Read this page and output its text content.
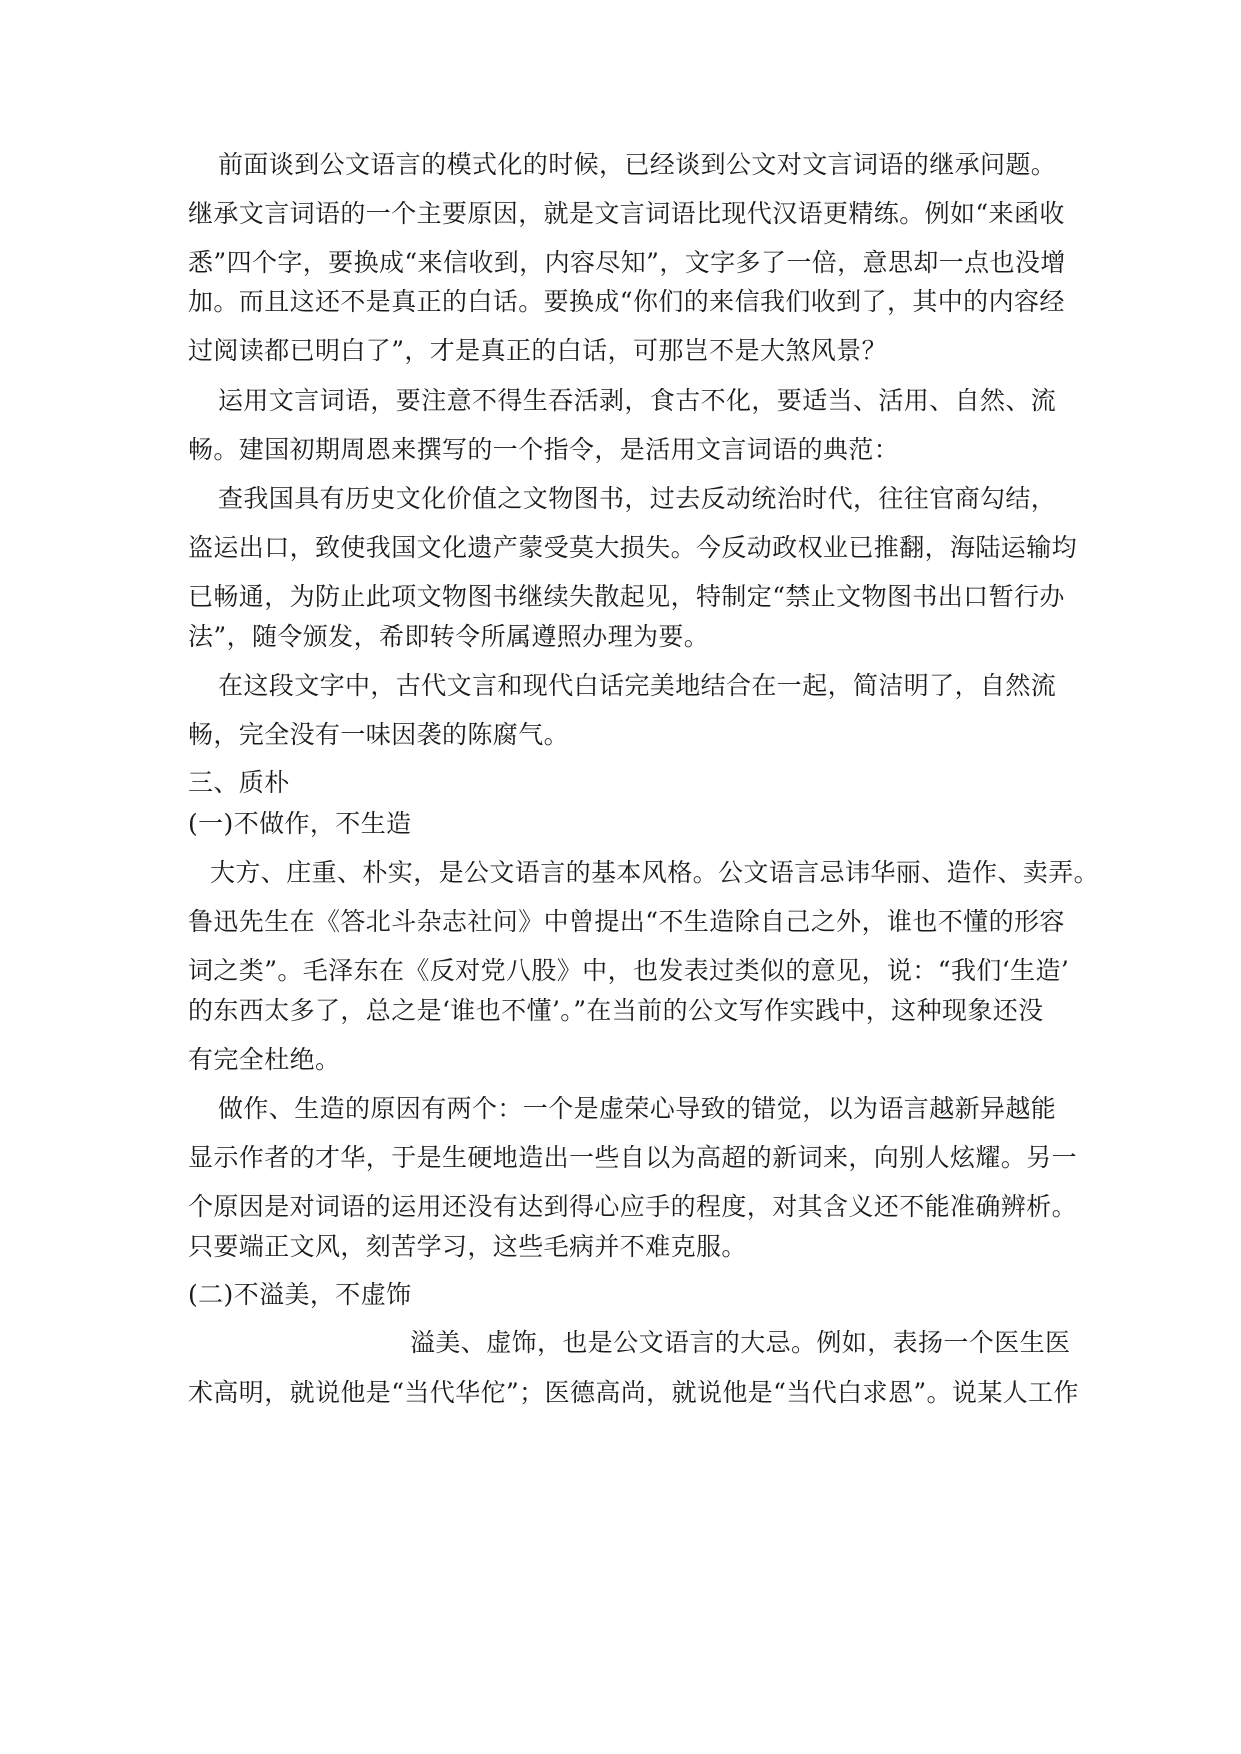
前面谈到公文语言的模式化的时候，已经谈到公文对文言词语的继承问题。

继承文言词语的一个主要原因，就是文言词语比现代汉语更精练。例如“来函收

悉”四个字，要换成“来信收到，内容尽知”，文字多了一倍，意思却一点也没增

加。而且这还不是真正的白话。要换成“你们的来信我们收到了，其中的内容经

过阅读都已明白了”，才是真正的白话，可那岂不是大煞风景？

运用文言词语，要注意不得生吞活剥，食古不化，要适当、活用、自然、流

畅。建国初期周恩来撰写的一个指令，是活用文言词语的典范：

查我国具有历史文化价值之文物图书，过去反动统治时代，往往官商勾结，

盗运出口，致使我国文化遗产蒙受莫大损失。今反动政权业已推翻，海陆运输均

已畅通，为防止此项文物图书继续失散起见，特制定“禁止文物图书出口暂行办

法”，随令颁发，希即转令所属遵照办理为要。

在这段文字中，古代文言和现代白话完美地结合在一起，简洁明了，自然流

畅，完全没有一味因袭的陈腐气。

三、质朴

(一)不做作，不生造

大方、庄重、朴实，是公文语言的基本风格。公文语言忌讳华丽、造作、卖弄。

鲁迅先生在《答北斗杂志社问》中曾提出“不生造除自己之外，谁也不懂的形容

词之类”。毛泽东在《反对党八股》中，也发表过类似的意见，说：“我们‘生造’

的东西太多了，总之是‘谁也不懂’。”在当前的公文写作实践中，这种现象还没

有完全杜绝。

做作、生造的原因有两个：一个是虚荣心导致的错觉，以为语言越新异越能

显示作者的才华，于是生硬地造出一些自以为高超的新词来，向别人炫耀。另一

个原因是对词语的运用还没有达到得心应手的程度，对其含义还不能准确辨析。

只要端正文风，刻苦学习，这些毛病并不难克服。

(二)不溢美，不虚饰

溢美、虚饰，也是公文语言的大忌。例如，表扬一个医生医

术高明，就说他是“当代华佗”；医德高尚，就说他是“当代白求恩”。说某人工作
